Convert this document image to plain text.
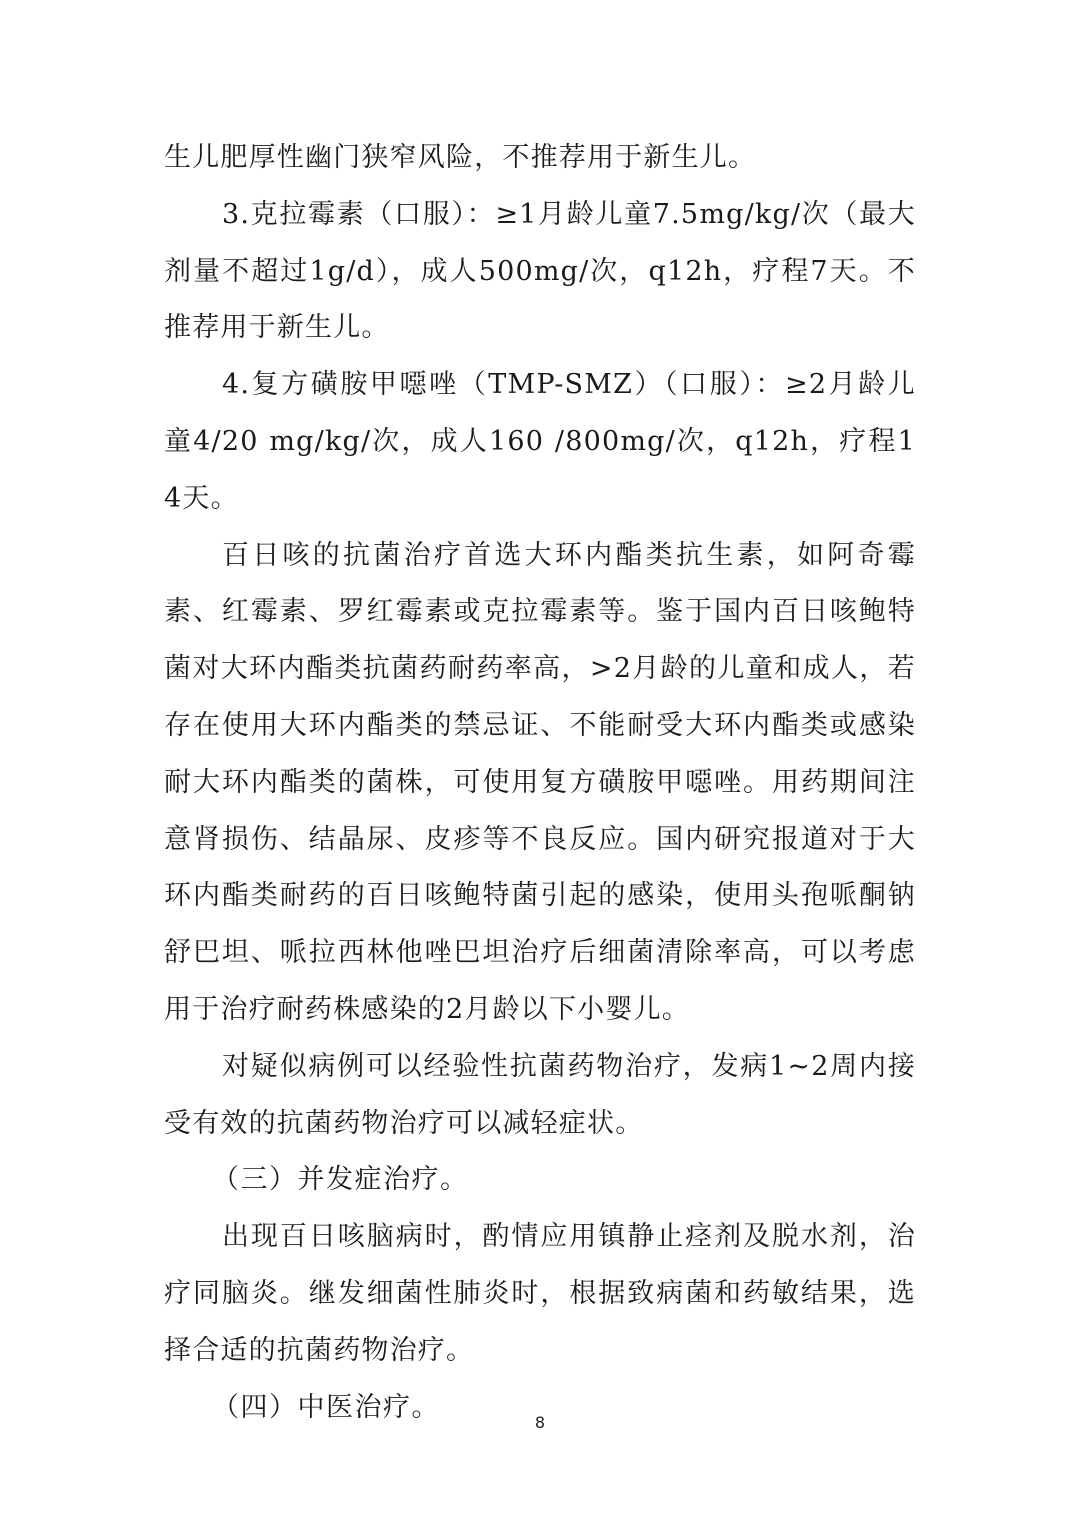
生儿肥厚性幽门狭窄风险，不推荐用于新生儿。

3.克拉霉素（口服）：≥1月龄儿童7.5mg/kg/次（最大剂量不超过1g/d），成人500mg/次，q12h，疗程7天。不推荐用于新生儿。

4.复方磺胺甲噁唑（TMP-SMZ）（口服）：≥2月龄儿童4/20 mg/kg/次，成人160 /800mg/次，q12h，疗程14天。

百日咳的抗菌治疗首选大环内酯类抗生素，如阿奇霉素、红霉素、罗红霉素或克拉霉素等。鉴于国内百日咳鲍特菌对大环内酯类抗菌药耐药率高，>2月龄的儿童和成人，若存在使用大环内酯类的禁忌证、不能耐受大环内酯类或感染耐大环内酯类的菌株，可使用复方磺胺甲噁唑。用药期间注意肾损伤、结晶尿、皮疹等不良反应。国内研究报道对于大环内酯类耐药的百日咳鲍特菌引起的感染，使用头孢哌酮钠舒巴坦、哌拉西林他唑巴坦治疗后细菌清除率高，可以考虑用于治疗耐药株感染的2月龄以下小婴儿。

对疑似病例可以经验性抗菌药物治疗，发病1~2周内接受有效的抗菌药物治疗可以减轻症状。

（三）并发症治疗。

出现百日咳脑病时，酌情应用镇静止痉剂及脱水剂，治疗同脑炎。继发细菌性肺炎时，根据致病菌和药敏结果，选择合适的抗菌药物治疗。

（四）中医治疗。	8
